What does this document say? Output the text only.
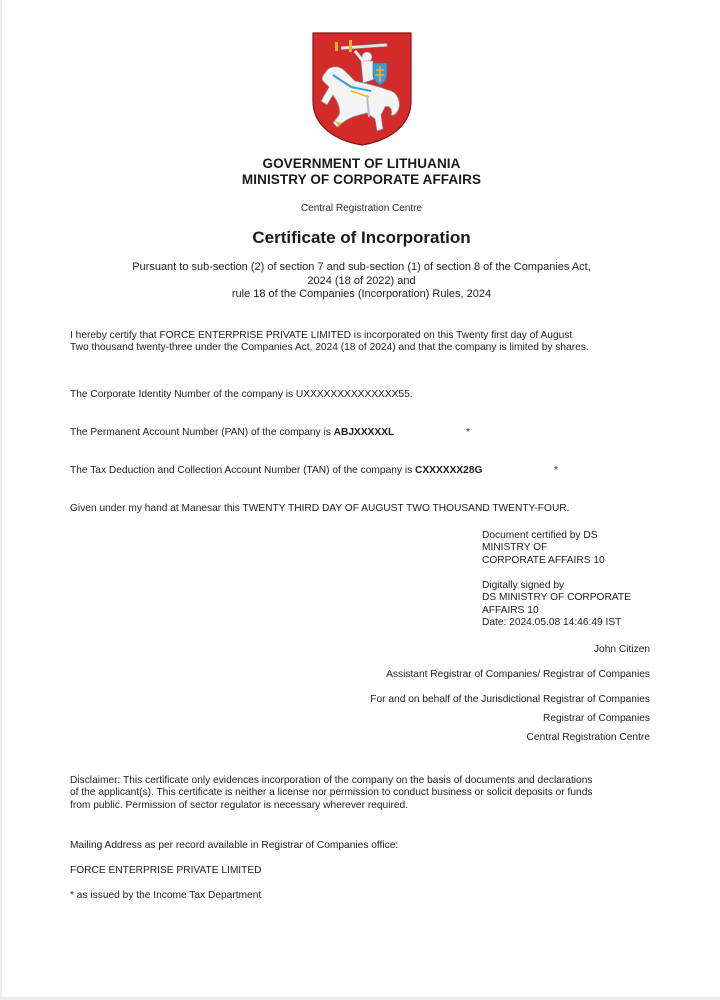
GOVERNMENT OF LITHUANIA
MINISTRY OF CORPORATE AFFAIRS
Central Registration Centre
Certificate of Incorporation
Pursuant to sub-section (2) of section 7 and sub-section (1) of section 8 of the Companies Act,
2024 (18 of 2022) and
rule 18 of the Companies (Incorporation) Rules, 2024
I hereby certify that FORCE ENTERPRISE PRIVATE LIMITED is incorporated on this Twenty first day of August
Two thousand twenty-three under the Companies Act, 2024 (18 of 2024) and that the company is limited by shares.
The Corporate Identity Number of the company is UXXXXXXXXXXXXXX55.
The Permanent Account Number (PAN) of the company is ABJXXXXXL	*
The Tax Deduction and Collection Account Number (TAN) of the company is CXXXXXX28G	*
Given under my hand at Manesar this TWENTY THIRD DAY OF AUGUST TWO THOUSAND TWENTY-FOUR.
Document certified by DS
MINISTRY OF
CORPORATE AFFAIRS 10
Digitally signed by
DS MINISTRY OF CORPORATE
AFFAIRS 10
Date: 2024.05.08 14:46:49 IST
John Citizen
Assistant Registrar of Companies/ Registrar of Companies
For and on behalf of the Jurisdictional Registrar of Companies
Registrar of Companies
Central Registration Centre
Disclaimer: This certificate only evidences incorporation of the company on the basis of documents and declarations
of the applicant(s). This certificate is neither a license nor permission to conduct business or solicit deposits or funds
from public. Permission of sector regulator is necessary wherever required.
Mailing Address as per record available in Registrar of Companies office:
FORCE ENTERPRISE PRIVATE LIMITED
* as issued by the Income Tax Department
